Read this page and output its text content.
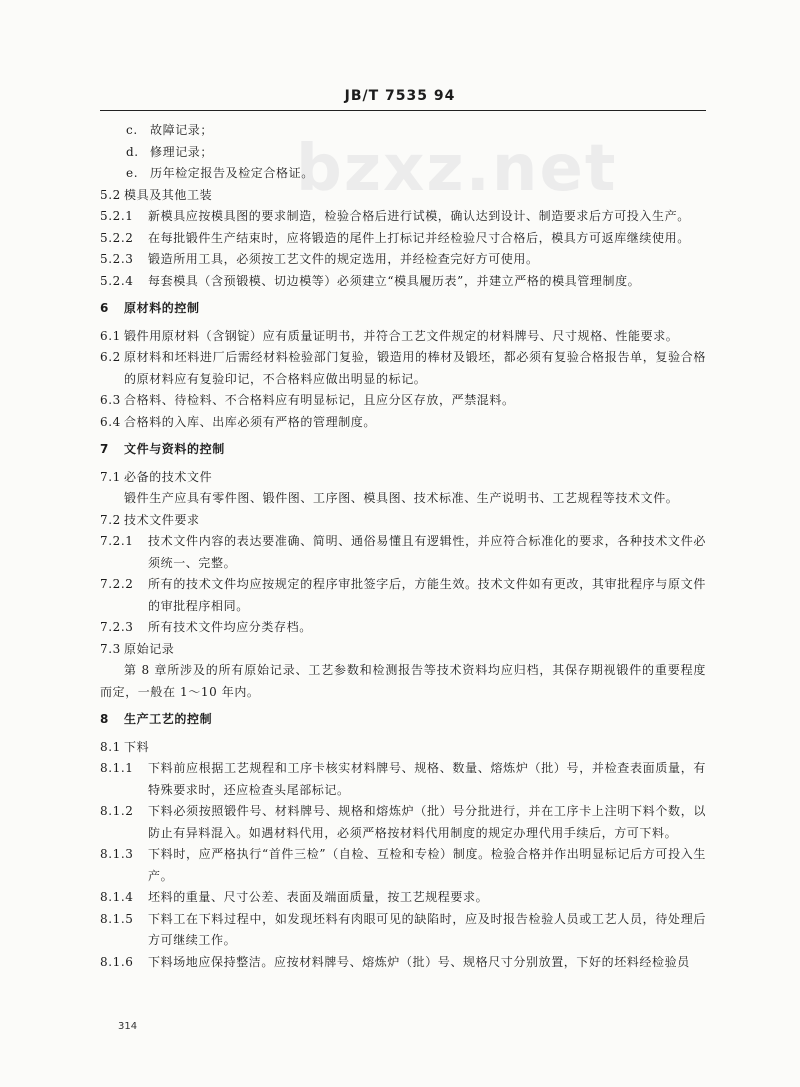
JB/T 7535 94
bzxz.net
c.	故障记录；
d. 修理记录；
e. 历年检定报告及检定合格证。
5.2 模具及其他工装
5.2.1	新模具应按模具图的要求制造，检验合格后进行试模，确认达到设计、制造要求后方可投入生产。
5.2.2	在每批锻件生产结束时，应将锻造的尾件上打标记并经检验尺寸合格后，模具方可返库继续使用。
5.2.3	锻造所用工具，必须按工艺文件的规定选用，并经检查完好方可使用。
5.2.4	每套模具（含预锻模、切边模等）必须建立“模具履历表”，并建立严格的模具管理制度。
6	原材料的控制
6.1 锻件用原材料（含钢锭）应有质量证明书，并符合工艺文件规定的材料牌号、尺寸规格、性能要求。
6.2 原材料和坯料进厂后需经材料检验部门复验，锻造用的棒材及锻坯，都必须有复验合格报告单，复验合格的原材料应有复验印记，不合格料应做出明显的标记。
6.3 合格料、待检料、不合格料应有明显标记，且应分区存放，严禁混料。
6.4 合格料的入库、出库必须有严格的管理制度。
7	文件与资料的控制
7.1 必备的技术文件
锻件生产应具有零件图、锻件图、工序图、模具图、技术标准、生产说明书、工艺规程等技术文件。
7.2 技术文件要求
7.2.1	技术文件内容的表达要准确、简明、通俗易懂且有逻辑性，并应符合标准化的要求，各种技术文件必须统一、完整。
7.2.2	所有的技术文件均应按规定的程序审批签字后，方能生效。技术文件如有更改，其审批程序与原文件的审批程序相同。
7.2.3	所有技术文件均应分类存档。
7.3 原始记录
第 8 章所涉及的所有原始记录、工艺参数和检测报告等技术资料均应归档，其保存期视锻件的重要程度而定，一般在 1～10 年内。
8	生产工艺的控制
8.1 下料
8.1.1	下料前应根据工艺规程和工序卡核实材料牌号、规格、数量、熔炼炉（批）号，并检查表面质量，有特殊要求时，还应检查头尾部标记。
8.1.2	下料必须按照锻件号、材料牌号、规格和熔炼炉（批）号分批进行，并在工序卡上注明下料个数，以防止有异料混入。如遇材料代用，必须严格按材料代用制度的规定办理代用手续后，方可下料。
8.1.3	下料时，应严格执行“首件三检”（自检、互检和专检）制度。检验合格并作出明显标记后方可投入生产。
8.1.4	坯料的重量、尺寸公差、表面及端面质量，按工艺规程要求。
8.1.5	下料工在下料过程中，如发现坯料有肉眼可见的缺陷时，应及时报告检验人员或工艺人员，待处理后方可继续工作。
8.1.6	下料场地应保持整洁。应按材料牌号、熔炼炉（批）号、规格尺寸分别放置，下好的坯料经检验员
314
